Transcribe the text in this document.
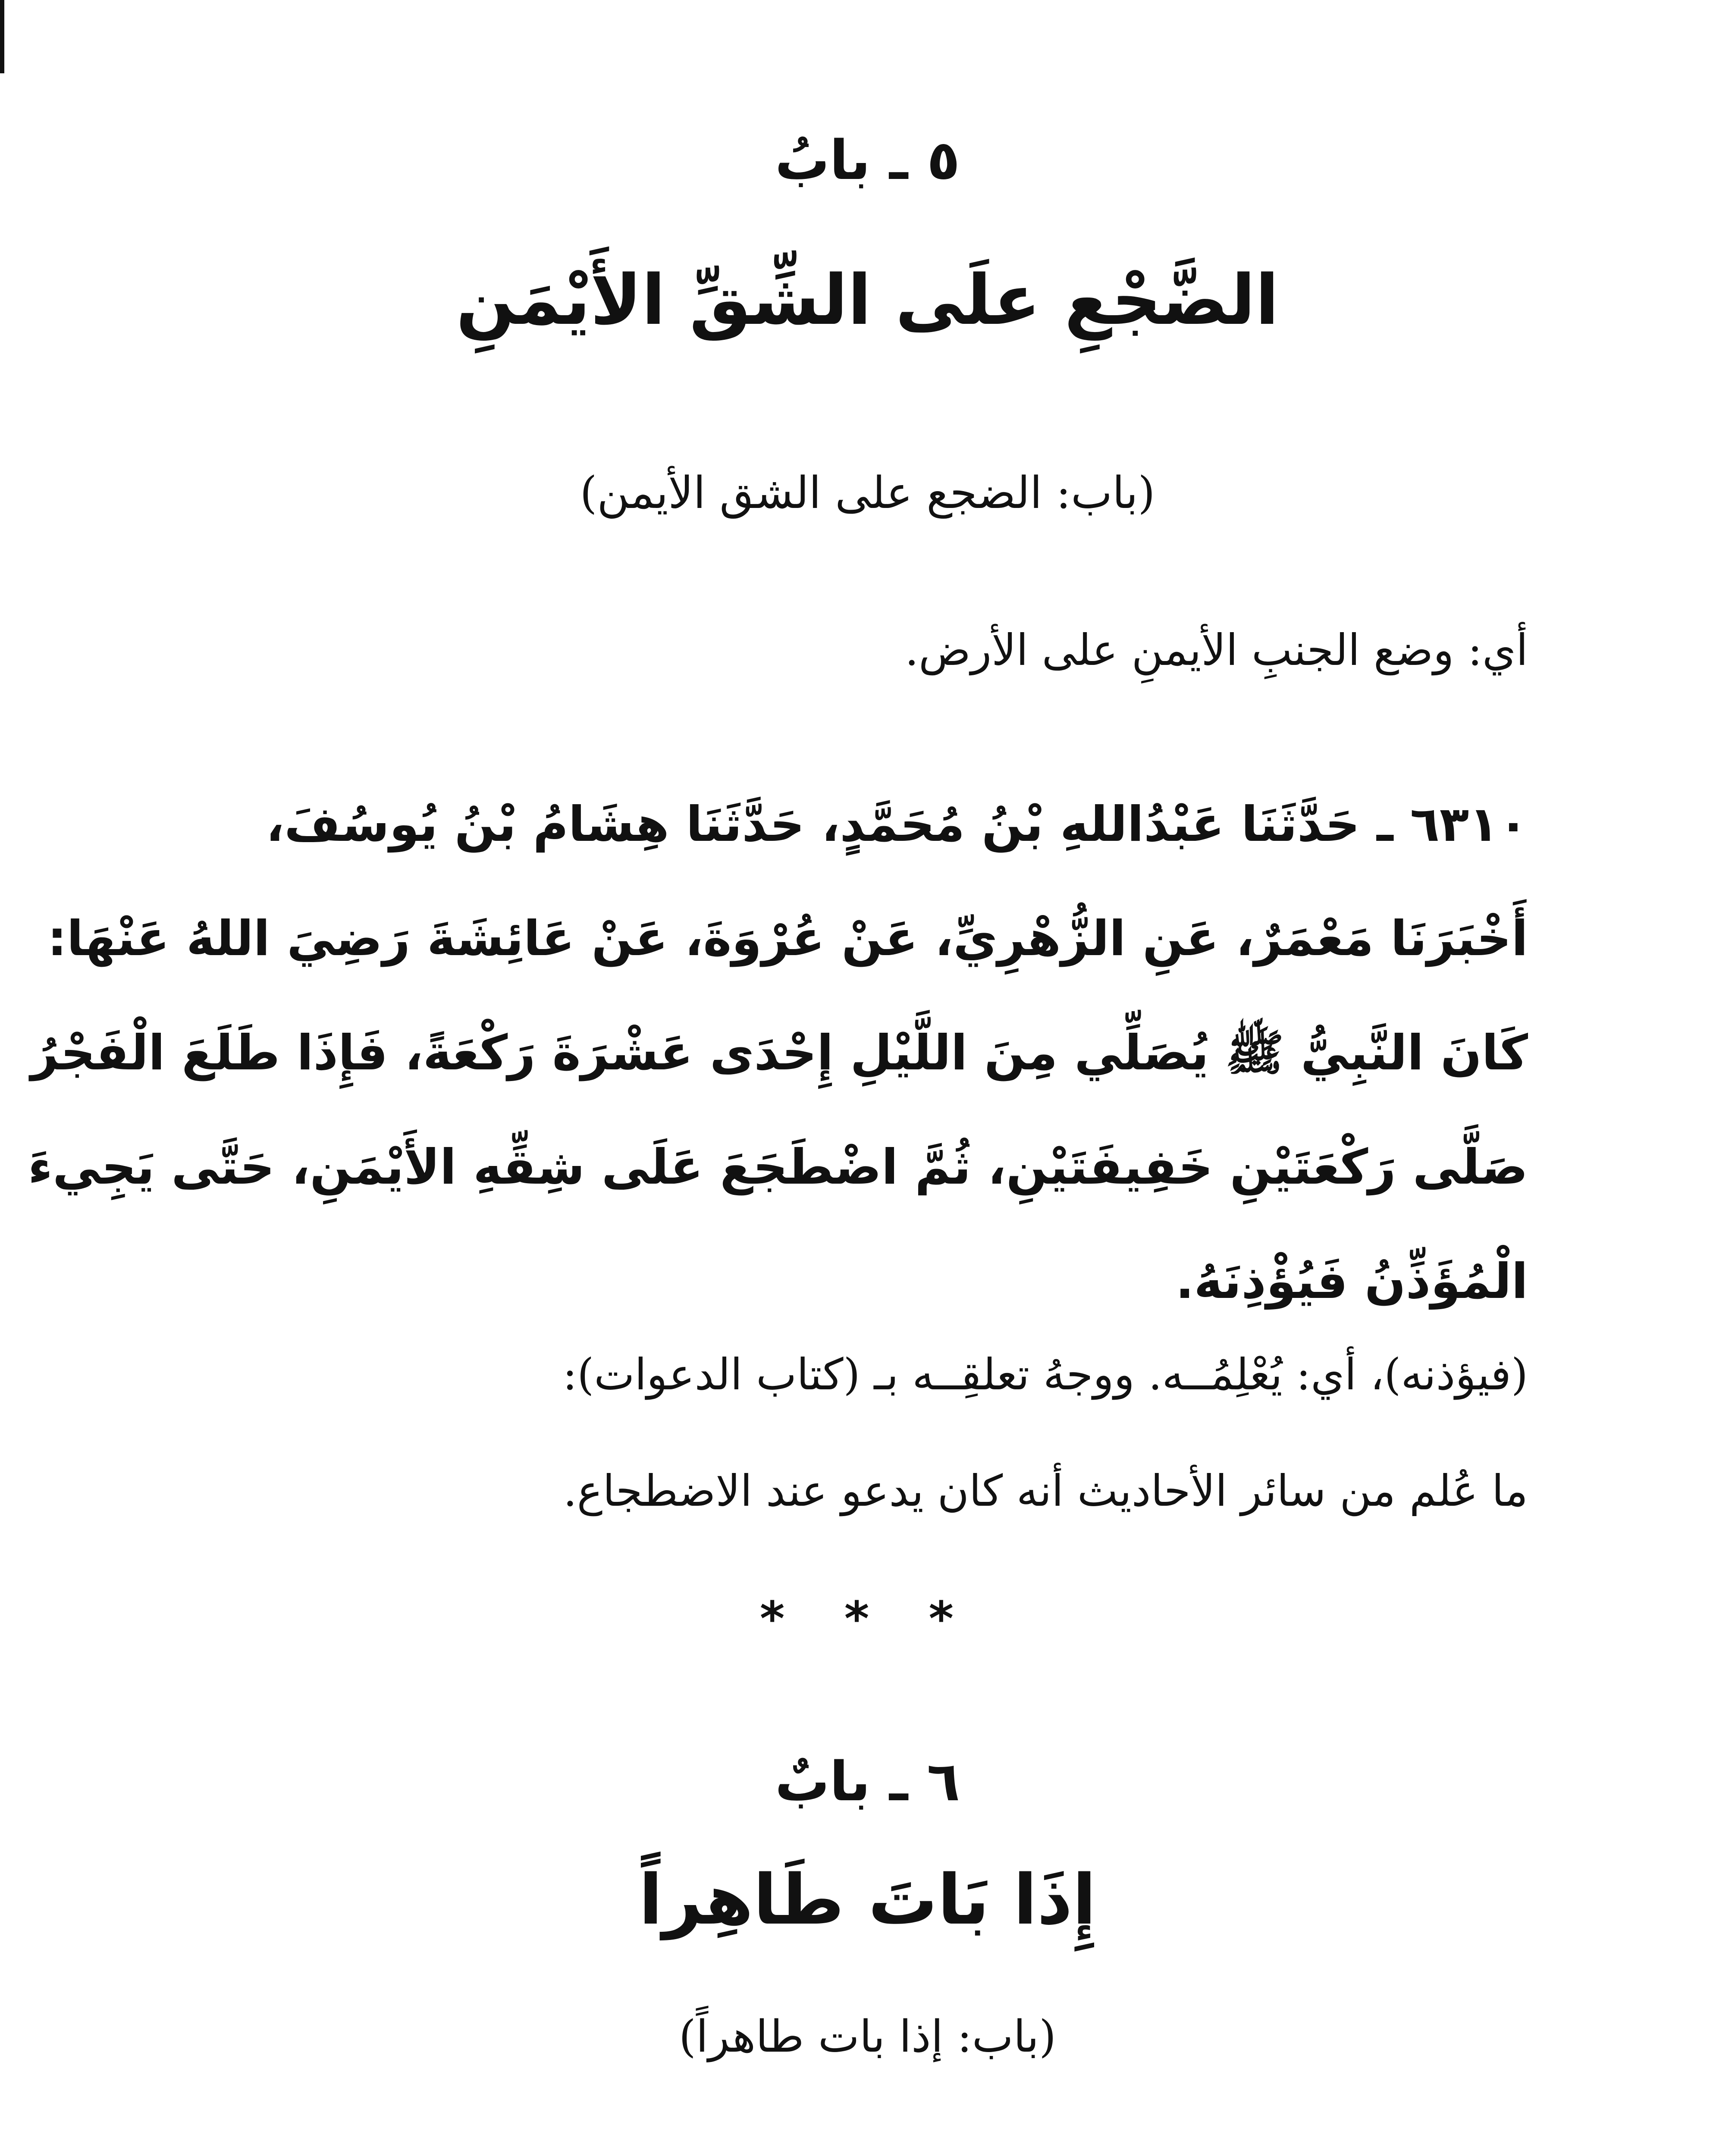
٥ ـ بابُ
الضَّجْعِ علَى الشِّقِّ الأَيْمَنِ
(باب: الضجع على الشق الأيمن)
أي: وضع الجنبِ الأيمنِ على الأرض.
٦٣١٠ ـ حَدَّثَنَا عَبْدُاللهِ بْنُ مُحَمَّدٍ، حَدَّثَنَا هِشَامُ بْنُ يُوسُفَ،
أَخْبَرَنَا مَعْمَرٌ، عَنِ الزُّهْرِيِّ، عَنْ عُرْوَةَ، عَنْ عَائِشَةَ رَضِيَ اللهُ عَنْهَا:
كَانَ النَّبِيُّ ﷺ يُصَلِّي مِنَ اللَّيْلِ إِحْدَى عَشْرَةَ رَكْعَةً، فَإِذَا طَلَعَ الْفَجْرُ
صَلَّى رَكْعَتَيْنِ خَفِيفَتَيْنِ، ثُمَّ اضْطَجَعَ عَلَى شِقِّهِ الأَيْمَنِ، حَتَّى يَجِيءَ
الْمُؤَذِّنُ فَيُؤْذِنَهُ.
(فيؤذنه)، أي: يُعْلِمُــه. ووجهُ تعلقِــه بـ (كتاب الدعوات):
ما عُلم من سائر الأحاديث أنه كان يدعو عند الاضطجاع.
* * *
٦ ـ بابٌ
إِذَا بَاتَ طَاهِراً
(باب: إذا بات طاهراً)
